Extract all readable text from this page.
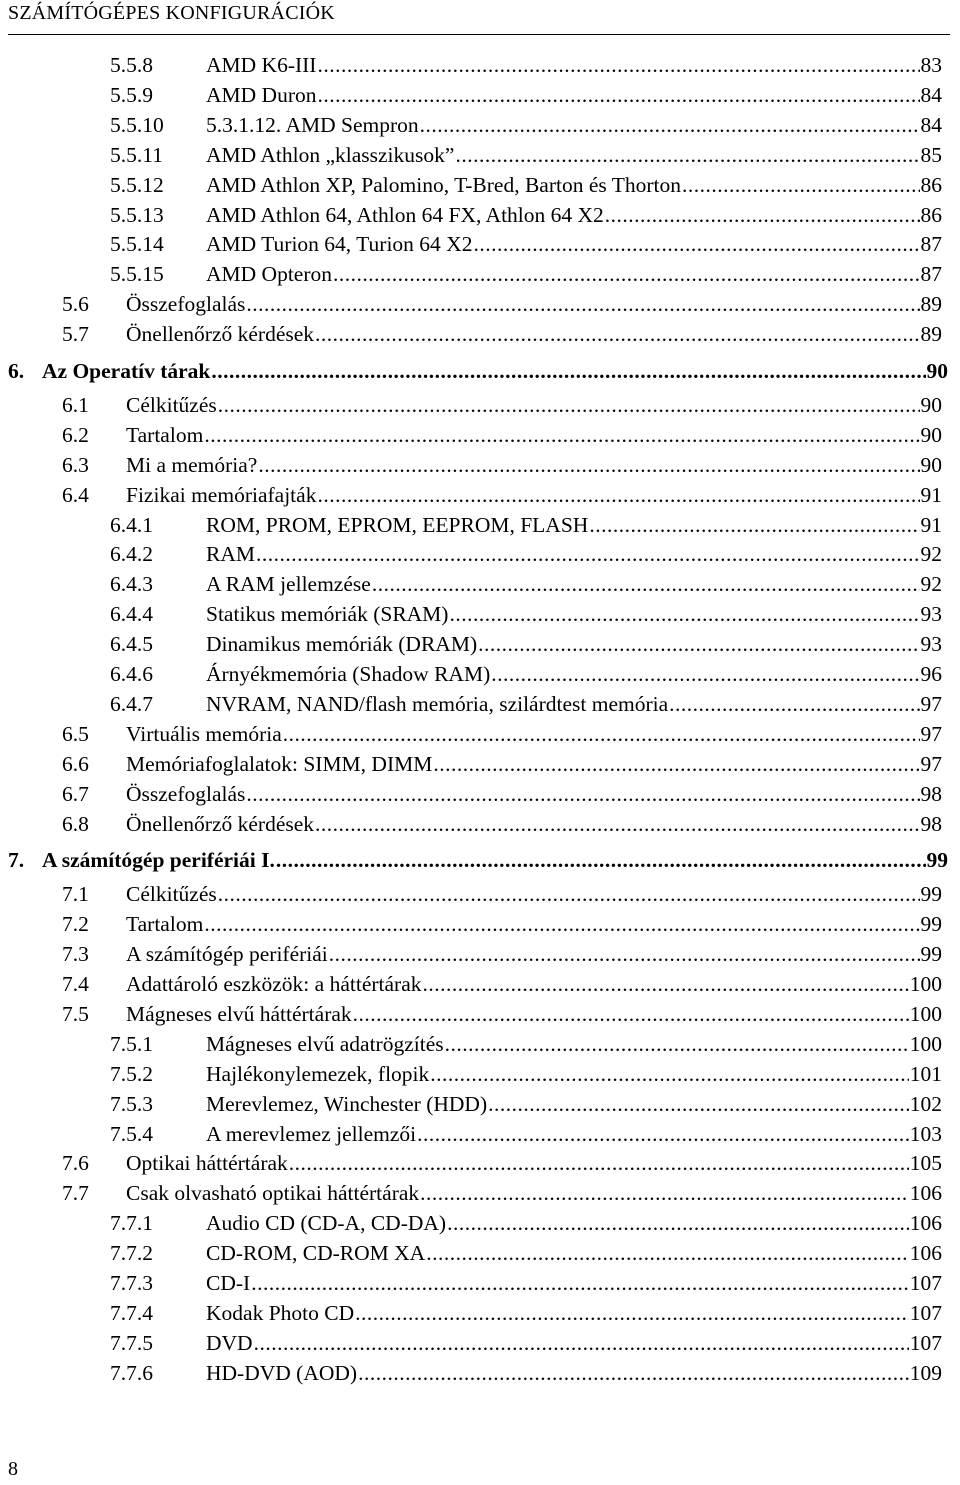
SZÁMÍTÓGÉPES KONFIGURÁCIÓK
5.5.8	AMD K6-III .....	83
5.5.9	AMD Duron .....	84
5.5.10	5.3.1.12. AMD Sempron .....	84
5.5.11	AMD Athlon „klasszikusok” .....	85
5.5.12	AMD Athlon XP, Palomino, T-Bred, Barton és Thorton .....	86
5.5.13	AMD Athlon 64, Athlon 64 FX, Athlon 64 X2 .....	86
5.5.14	AMD Turion 64, Turion 64 X2 .....	87
5.5.15	AMD Opteron .....	87
5.6	Összefoglalás .....	89
5.7	Önellenőrző kérdések .....	89
6. Az Operatív tárak .....	90
6.1	Célkitűzés .....	90
6.2	Tartalom .....	90
6.3	Mi a memória? .....	90
6.4	Fizikai memóriafajták .....	91
6.4.1	ROM, PROM, EPROM, EEPROM, FLASH .....	91
6.4.2	RAM .....	92
6.4.3	A RAM jellemzése .....	92
6.4.4	Statikus memóriák (SRAM) .....	93
6.4.5	Dinamikus memóriák (DRAM) .....	93
6.4.6	Árnyékmemória (Shadow RAM) .....	96
6.4.7	NVRAM, NAND/flash memória, szilárdtest memória .....	97
6.5	Virtuális memória .....	97
6.6	Memóriafoglalatok: SIMM, DIMM .....	97
6.7	Összefoglalás .....	98
6.8	Önellenőrző kérdések .....	98
7. A számítógép perifériái I. .....	99
7.1	Célkitűzés .....	99
7.2	Tartalom .....	99
7.3	A számítógép perifériái .....	99
7.4	Adattároló eszközök: a háttértárak .....	100
7.5	Mágneses elvű háttértárak .....	100
7.5.1	Mágneses elvű adatrögzítés .....	100
7.5.2	Hajlékonylemezek, flopik .....	101
7.5.3	Merevlemez, Winchester (HDD) .....	102
7.5.4	A merevlemez jellemzői .....	103
7.6	Optikai háttértárak .....	105
7.7	Csak olvasható optikai háttértárak .....	106
7.7.1	Audio CD (CD-A, CD-DA) .....	106
7.7.2	CD-ROM, CD-ROM XA .....	106
7.7.3	CD-I .....	107
7.7.4	Kodak Photo CD .....	107
7.7.5	DVD .....	107
7.7.6	HD-DVD (AOD) .....	109
8
